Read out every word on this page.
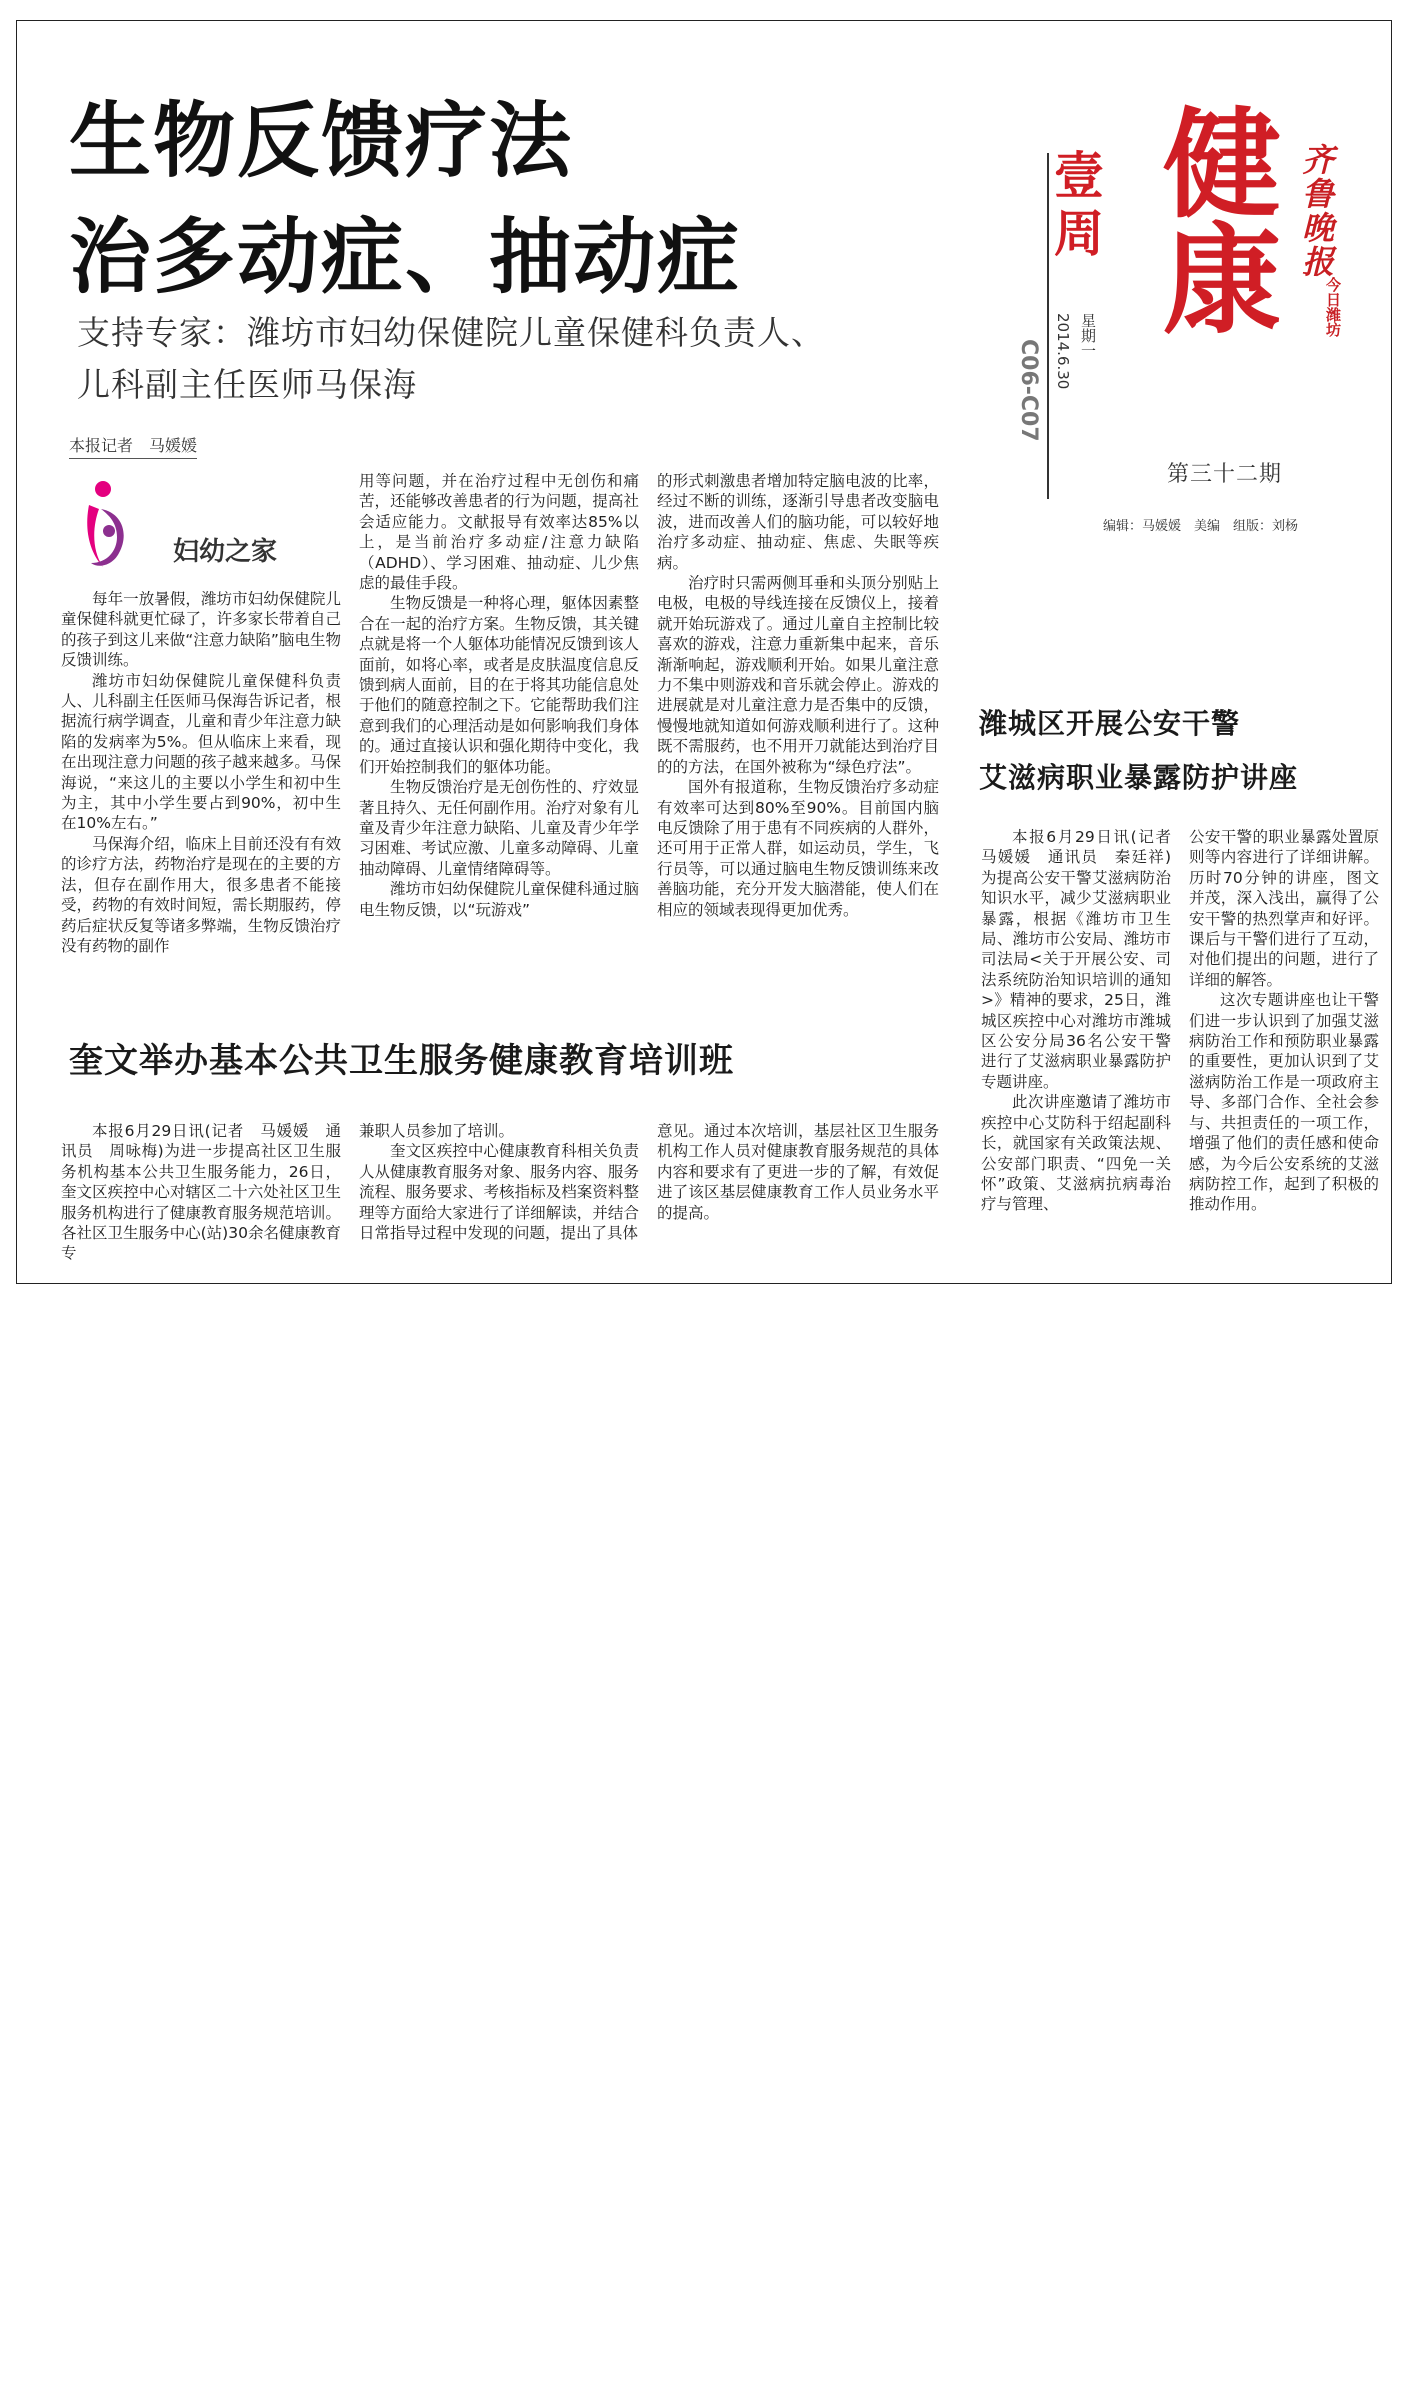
生物反馈疗法
治多动症、抽动症
支持专家：潍坊市妇幼保健院儿童保健科负责人、
儿科副主任医师马保海
本报记者　马媛媛
妇幼之家

每年一放暑假，潍坊市妇幼保健院儿童保健科就更忙碌了，许多家长带着自己的孩子到这儿来做“注意力缺陷”脑电生物反馈训练。

潍坊市妇幼保健院儿童保健科负责人、儿科副主任医师马保海告诉记者，根据流行病学调查，儿童和青少年注意力缺陷的发病率为5%。但从临床上来看，现在出现注意力问题的孩子越来越多。马保海说，“来这儿的主要以小学生和初中生为主，其中小学生要占到90%，初中生在10%左右。”

马保海介绍，临床上目前还没有有效的诊疗方法，药物治疗是现在的主要的方法，但存在副作用大，很多患者不能接受，药物的有效时间短，需长期服药，停药后症状反复等诸多弊端，生物反馈治疗没有药物的副作

用等问题，并在治疗过程中无创伤和痛苦，还能够改善患者的行为问题，提高社会适应能力。文献报导有效率达85%以上，是当前治疗多动症/注意力缺陷（ADHD）、学习困难、抽动症、儿少焦虑的最佳手段。

生物反馈是一种将心理，躯体因素整合在一起的治疗方案。生物反馈，其关键点就是将一个人躯体功能情况反馈到该人面前，如将心率，或者是皮肤温度信息反馈到病人面前，目的在于将其功能信息处于他们的随意控制之下。它能帮助我们注意到我们的心理活动是如何影响我们身体的。通过直接认识和强化期待中变化，我们开始控制我们的躯体功能。

生物反馈治疗是无创伤性的、疗效显著且持久、无任何副作用。治疗对象有儿童及青少年注意力缺陷、儿童及青少年学习困难、考试应激、儿童多动障碍、儿童抽动障碍、儿童情绪障碍等。

潍坊市妇幼保健院儿童保健科通过脑电生物反馈，以“玩游戏”

的形式刺激患者增加特定脑电波的比率，经过不断的训练，逐渐引导患者改变脑电波，进而改善人们的脑功能，可以较好地治疗多动症、抽动症、焦虑、失眠等疾病。

治疗时只需两侧耳垂和头顶分别贴上电极，电极的导线连接在反馈仪上，接着就开始玩游戏了。通过儿童自主控制比较喜欢的游戏，注意力重新集中起来，音乐渐渐响起，游戏顺利开始。如果儿童注意力不集中则游戏和音乐就会停止。游戏的进展就是对儿童注意力是否集中的反馈，慢慢地就知道如何游戏顺利进行了。这种既不需服药，也不用开刀就能达到治疗目的的方法，在国外被称为“绿色疗法”。

国外有报道称，生物反馈治疗多动症有效率可达到80%至90%。目前国内脑电反馈除了用于患有不同疾病的人群外，还可用于正常人群，如运动员，学生，飞行员等，可以通过脑电生物反馈训练来改善脑功能，充分开发大脑潜能，使人们在相应的领域表现得更加优秀。

奎文举办基本公共卫生服务健康教育培训班

本报6月29日讯(记者　马媛媛　通讯员　周咏梅)为进一步提高社区卫生服务机构基本公共卫生服务能力，26日，奎文区疾控中心对辖区二十六处社区卫生服务机构进行了健康教育服务规范培训。各社区卫生服务中心(站)30余名健康教育专

兼职人员参加了培训。

奎文区疾控中心健康教育科相关负责人从健康教育服务对象、服务内容、服务流程、服务要求、考核指标及档案资料整理等方面给大家进行了详细解读，并结合日常指导过程中发现的问题，提出了具体

意见。通过本次培训，基层社区卫生服务机构工作人员对健康教育服务规范的具体内容和要求有了更进一步的了解，有效促进了该区基层健康教育工作人员业务水平的提高。

壹
周
星期一
2014.6.30
C06-C07
健
康 齐鲁晚报
今日潍坊
第三十二期
编辑：马媛媛　美编　组版：刘杨
潍城区开展公安干警
艾滋病职业暴露防护讲座

本报6月29日讯(记者　马媛媛　通讯员　秦廷祥)为提高公安干警艾滋病防治知识水平，减少艾滋病职业暴露，根据《潍坊市卫生局、潍坊市公安局、潍坊市司法局<关于开展公安、司法系统防治知识培训的通知>》精神的要求，25日，潍城区疾控中心对潍坊市潍城区公安分局36名公安干警进行了艾滋病职业暴露防护专题讲座。

此次讲座邀请了潍坊市疾控中心艾防科于绍起副科长，就国家有关政策法规、公安部门职责、“四免一关怀”政策、艾滋病抗病毒治疗与管理、

公安干警的职业暴露处置原则等内容进行了详细讲解。历时70分钟的讲座，图文并茂，深入浅出，赢得了公安干警的热烈掌声和好评。课后与干警们进行了互动，对他们提出的问题，进行了详细的解答。

这次专题讲座也让干警们进一步认识到了加强艾滋病防治工作和预防职业暴露的重要性，更加认识到了艾滋病防治工作是一项政府主导、多部门合作、全社会参与、共担责任的一项工作，增强了他们的责任感和使命感，为今后公安系统的艾滋病防控工作，起到了积极的推动作用。
